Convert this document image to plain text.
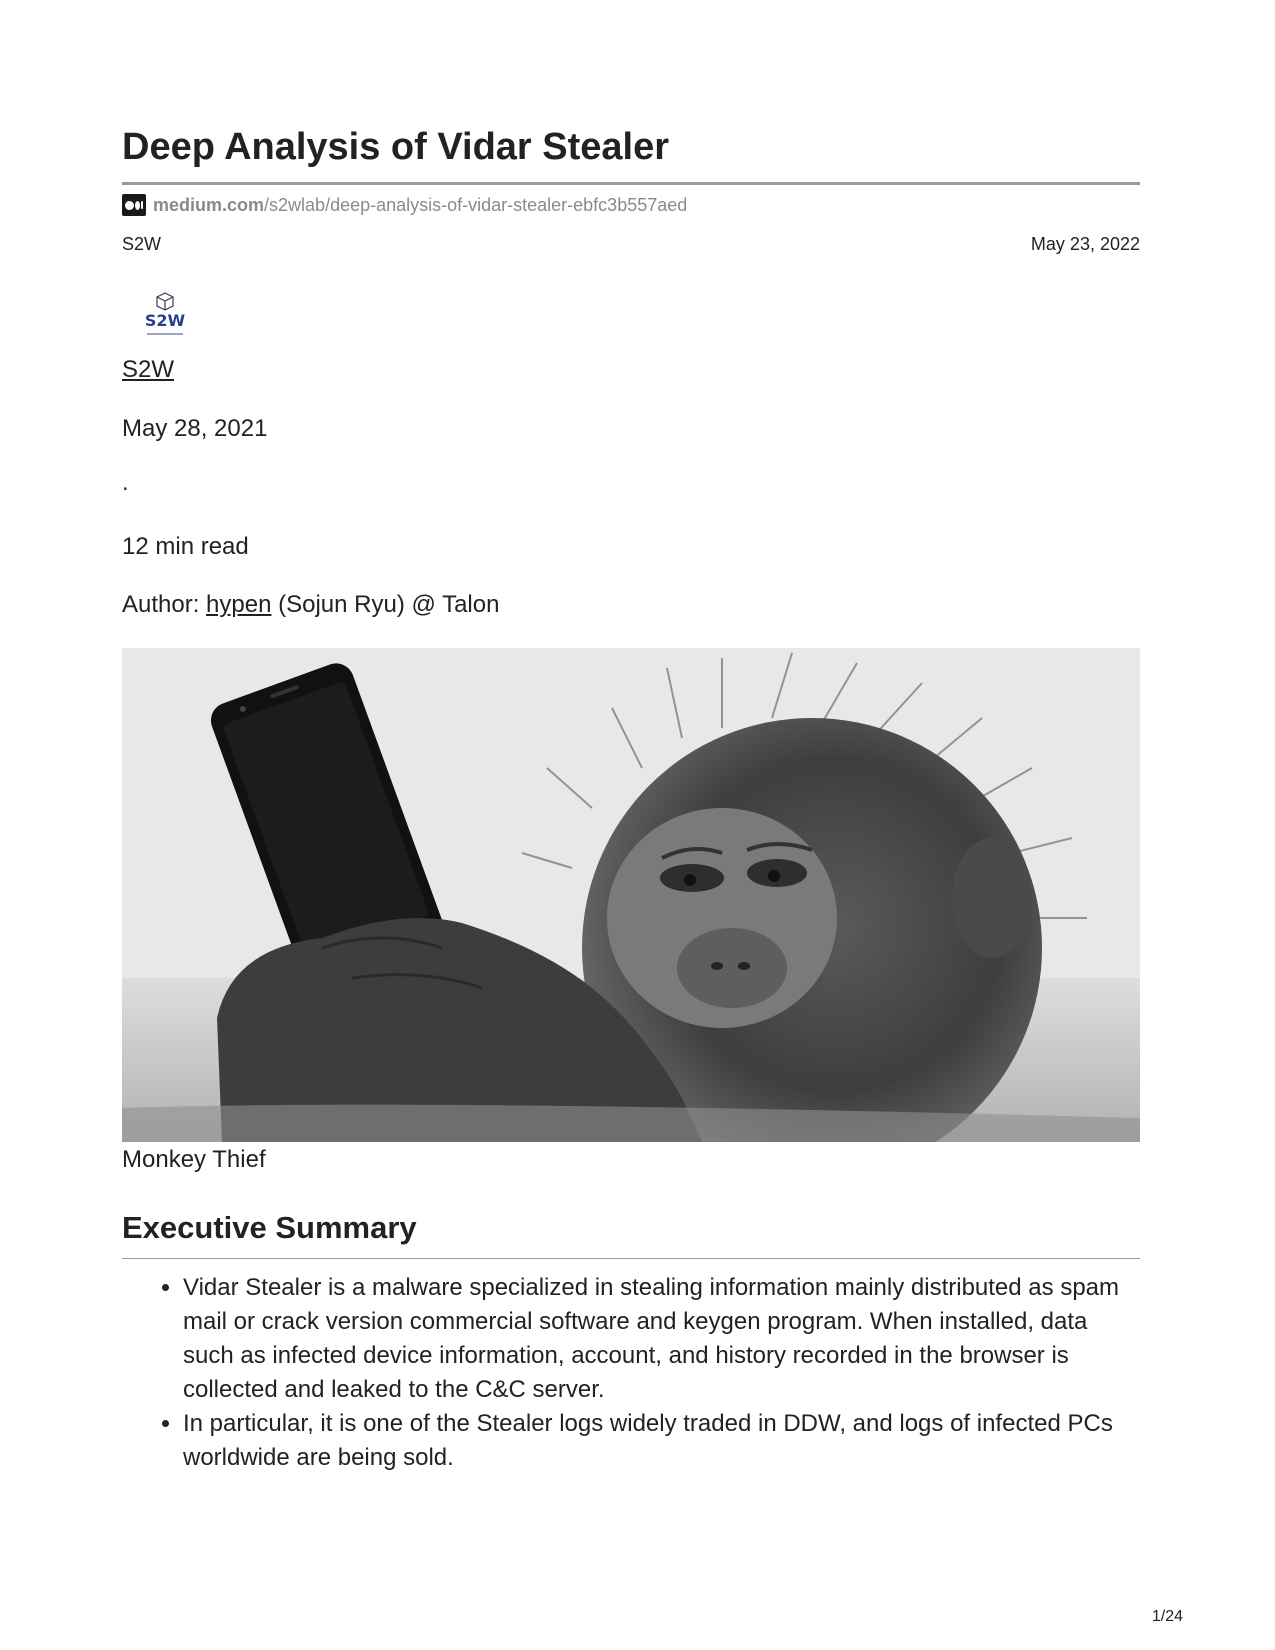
Deep Analysis of Vidar Stealer
medium.com /s2wlab/deep-analysis-of-vidar-stealer-ebfc3b557aed
S2W	May 23, 2022
S2W
S2W
May 28, 2021
.
12 min read
Author: hypen (Sojun Ryu) @ Talon
Monkey Thief
Executive Summary
• Vidar Stealer is a malware specialized in stealing information mainly distributed as spam mail or crack version commercial software and keygen program. When installed, data such as infected device information, account, and history recorded in the browser is collected and leaked to the C&C server.
• In particular, it is one of the Stealer logs widely traded in DDW, and logs of infected PCs worldwide are being sold.
1/24
